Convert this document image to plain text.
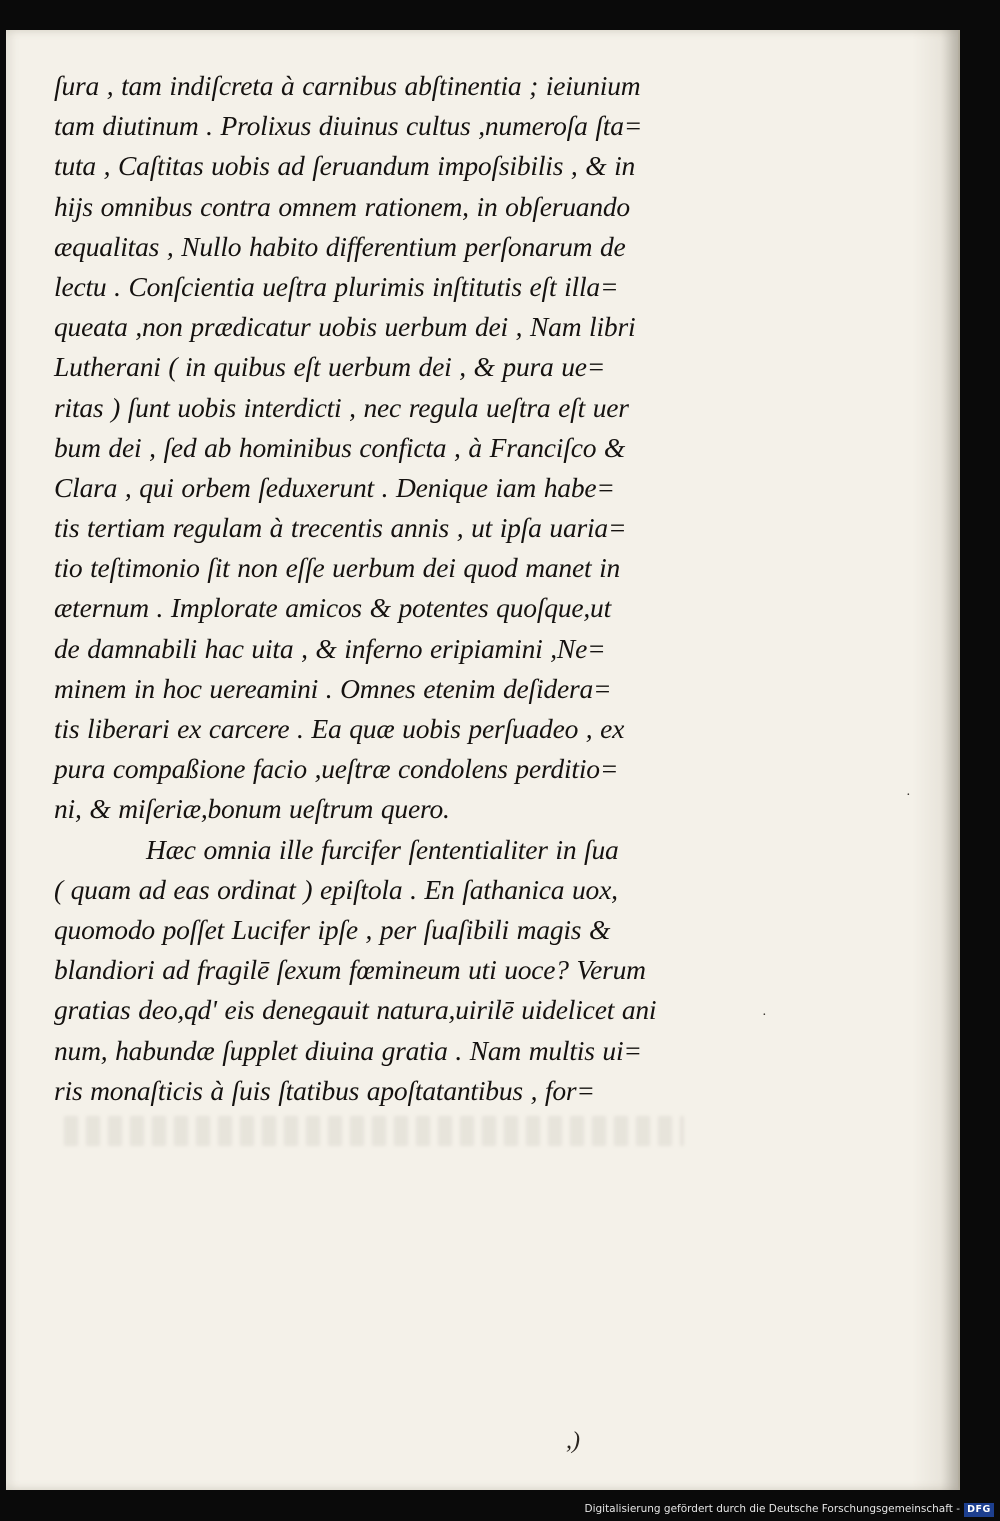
ſura , tam indiſcreta à carnibus abſtinentia ; ieiunium
tam diutinum . Prolixus diuinus cultus ,numeroſa ſta=
tuta , Caſtitas uobis ad ſeruandum impoſsibilis , & in
hijs omnibus contra omnem rationem, in obſeruando
æqualitas , Nullo habito differentium perſonarum de
lectu . Conſcientia ueſtra plurimis inſtitutis eſt illa=
queata ,non prædicatur uobis uerbum dei , Nam libri
Lutherani ( in quibus eſt uerbum dei , & pura ue=
ritas ) ſunt uobis interdicti , nec regula ueſtra eſt uer
bum dei , ſed ab hominibus conficta , à Franciſco &
Clara , qui orbem ſeduxerunt . Denique iam habe=
tis tertiam regulam à trecentis annis , ut ipſa uaria=
tio teſtimonio ſit non eſſe uerbum dei quod manet in
æternum . Implorate amicos & potentes quoſque,ut
de damnabili hac uita , & inferno eripiamini ,Ne=
minem in hoc uereamini . Omnes etenim deſidera=
tis liberari ex carcere . Ea quæ uobis perſuadeo , ex
pura compaßione facio ,ueſtræ condolens perditio=
ni, & miſeriæ,bonum ueſtrum quero.
Hæc omnia ille furcifer ſententialiter in ſua
( quam ad eas ordinat ) epiſtola . En ſathanica uox,
quomodo poſſet Lucifer ipſe , per ſuaſibili magis &
blandiori ad fragilē ſexum fœmineum uti uoce? Verum
gratias deo,qd' eis denegauit natura,uirilē uidelicet ani
num, habundæ ſupplet diuina gratia . Nam multis ui=
ris monaſticis à ſuis ſtatibus apoſtatantibus , for=
,)
·
·
Digitalisierung gefördert durch die Deutsche Forschungsgemeinschaft - DFG
